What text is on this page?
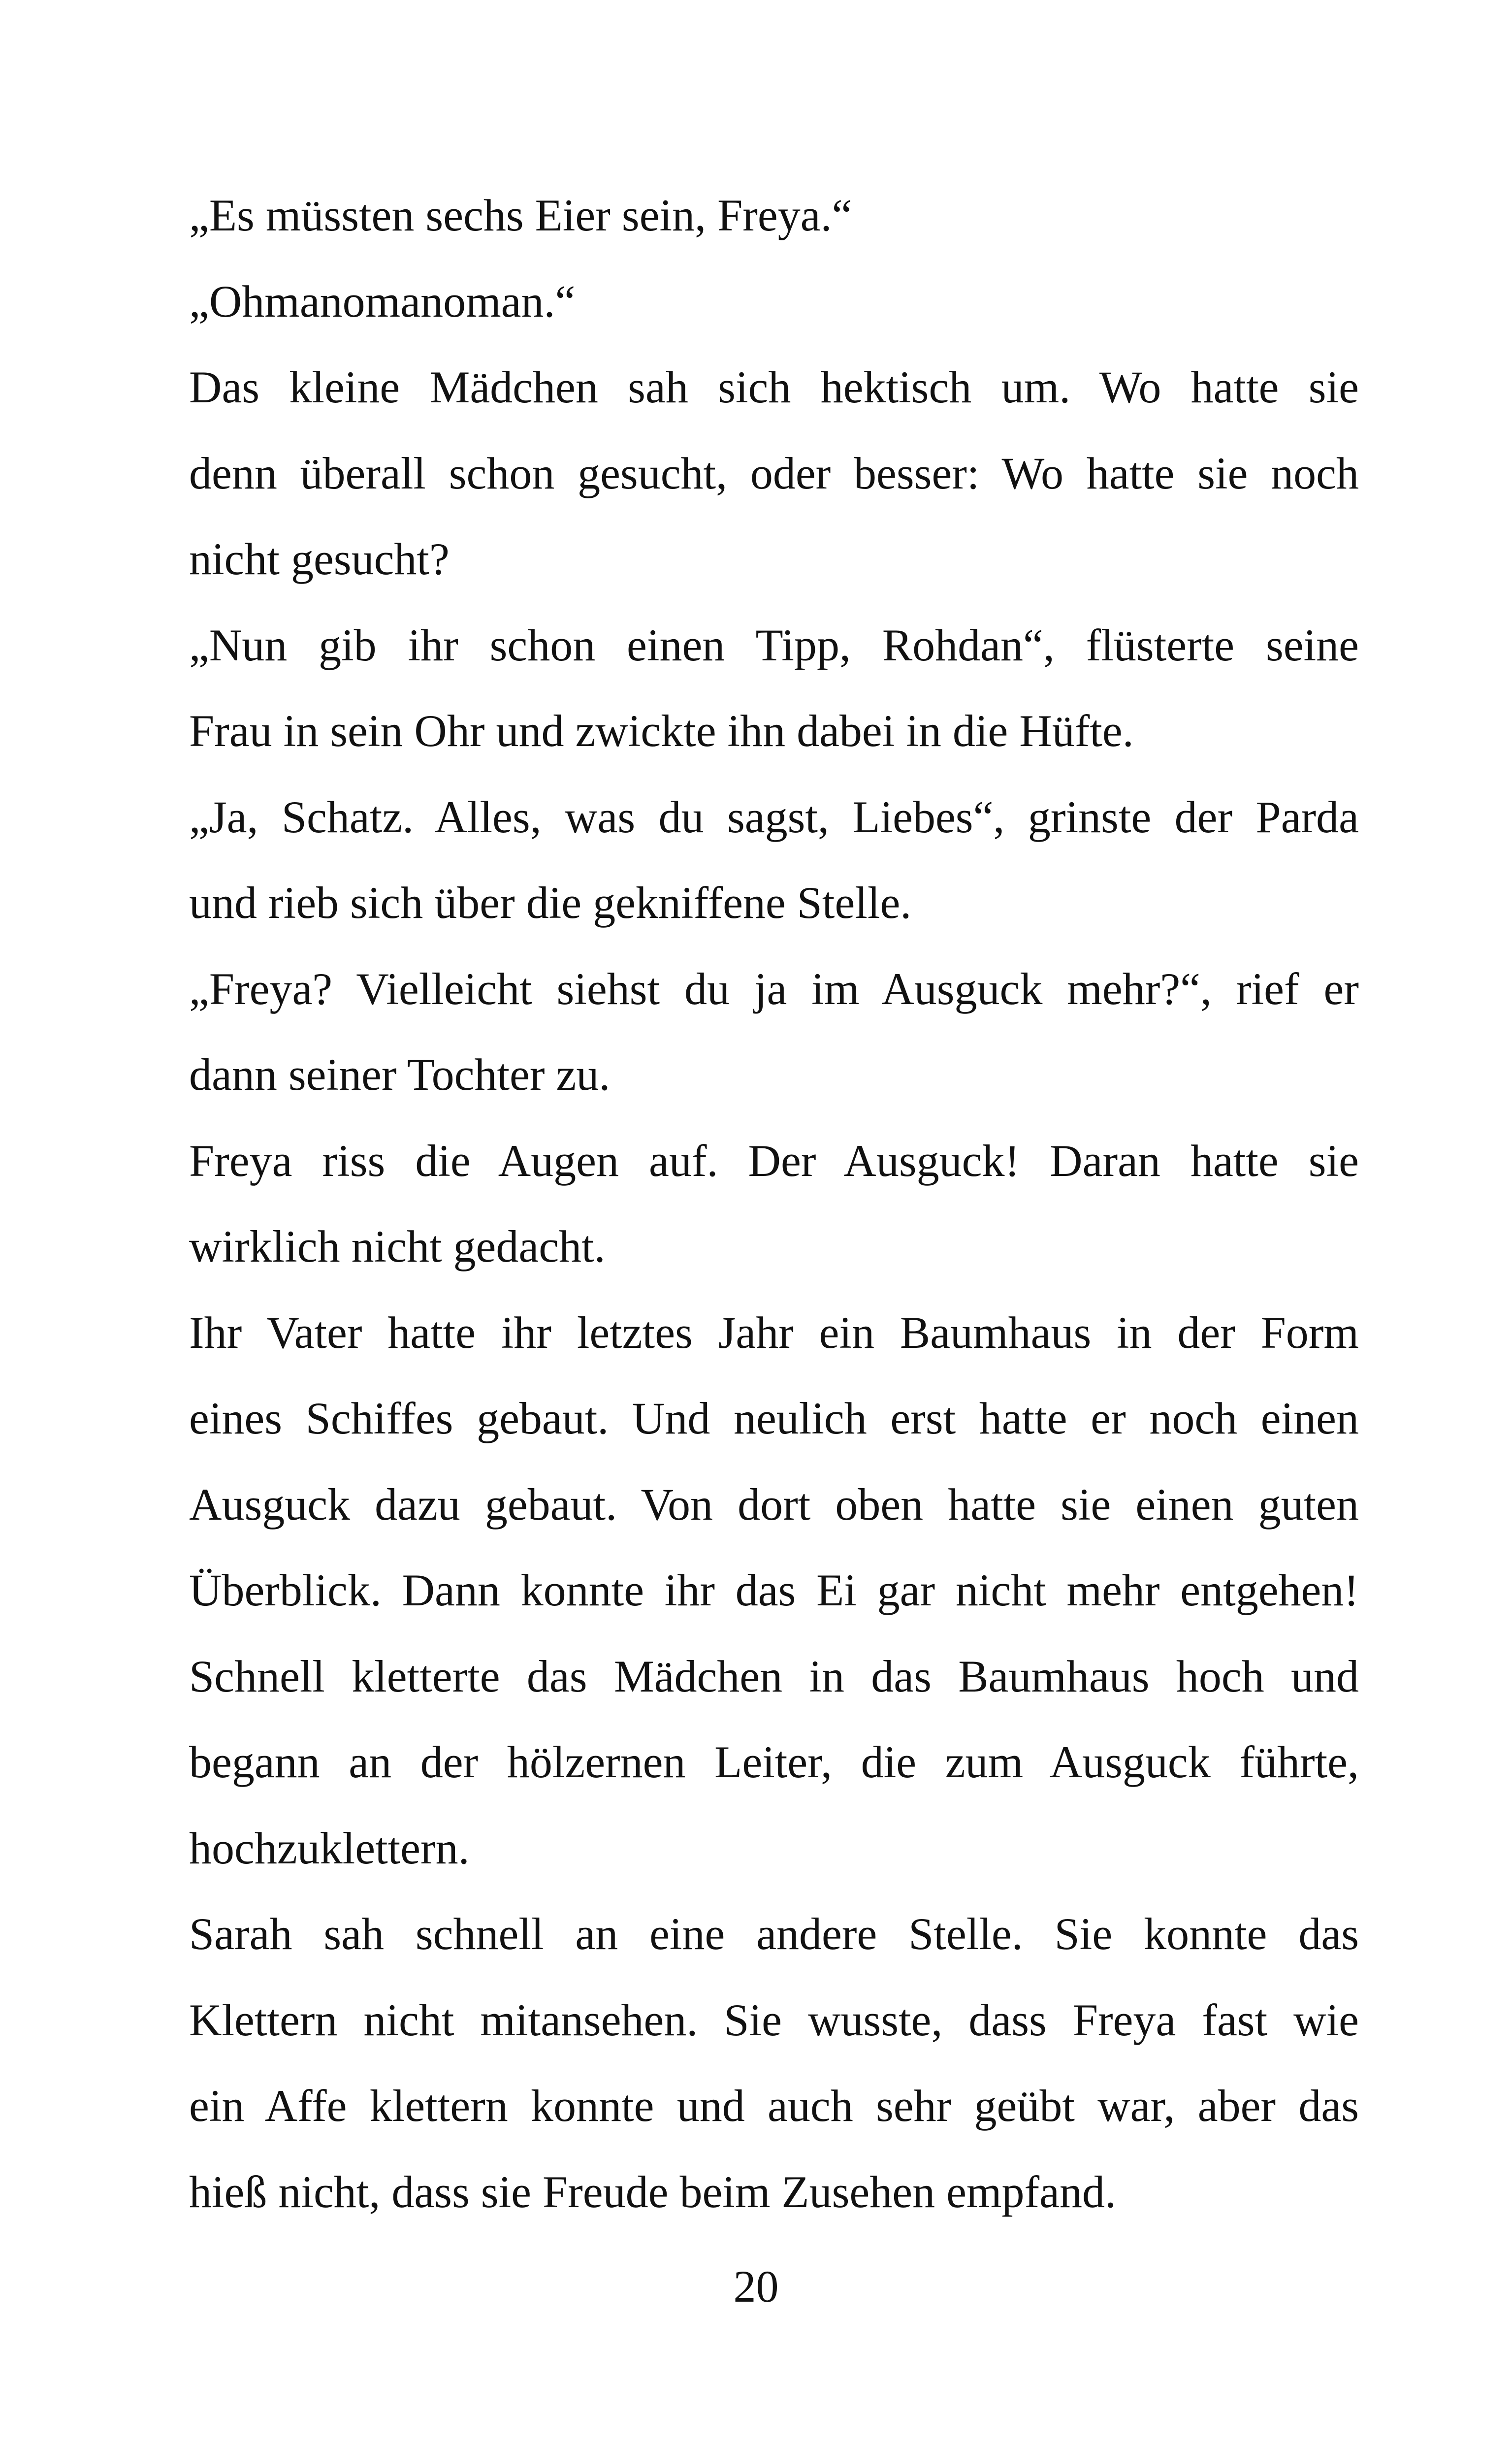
„Es müssten sechs Eier sein, Freya.“
„Ohmanomanoman.“
Das kleine Mädchen sah sich hektisch um. Wo hatte sie
denn überall schon gesucht, oder besser: Wo hatte sie noch
nicht gesucht?
„Nun gib ihr schon einen Tipp, Rohdan“, flüsterte seine
Frau in sein Ohr und zwickte ihn dabei in die Hüfte.
„Ja, Schatz. Alles, was du sagst, Liebes“, grinste der Parda
und rieb sich über die gekniffene Stelle.
„Freya? Vielleicht siehst du ja im Ausguck mehr?“, rief er
dann seiner Tochter zu.
Freya riss die Augen auf. Der Ausguck! Daran hatte sie
wirklich nicht gedacht.
Ihr Vater hatte ihr letztes Jahr ein Baumhaus in der Form
eines Schiffes gebaut. Und neulich erst hatte er noch einen
Ausguck dazu gebaut. Von dort oben hatte sie einen guten
Überblick. Dann konnte ihr das Ei gar nicht mehr entgehen!
Schnell kletterte das Mädchen in das Baumhaus hoch und
begann an der hölzernen Leiter, die zum Ausguck führte,
hochzuklettern.
Sarah sah schnell an eine andere Stelle. Sie konnte das
Klettern nicht mitansehen. Sie wusste, dass Freya fast wie
ein Affe klettern konnte und auch sehr geübt war, aber das
hieß nicht, dass sie Freude beim Zusehen empfand.
20
